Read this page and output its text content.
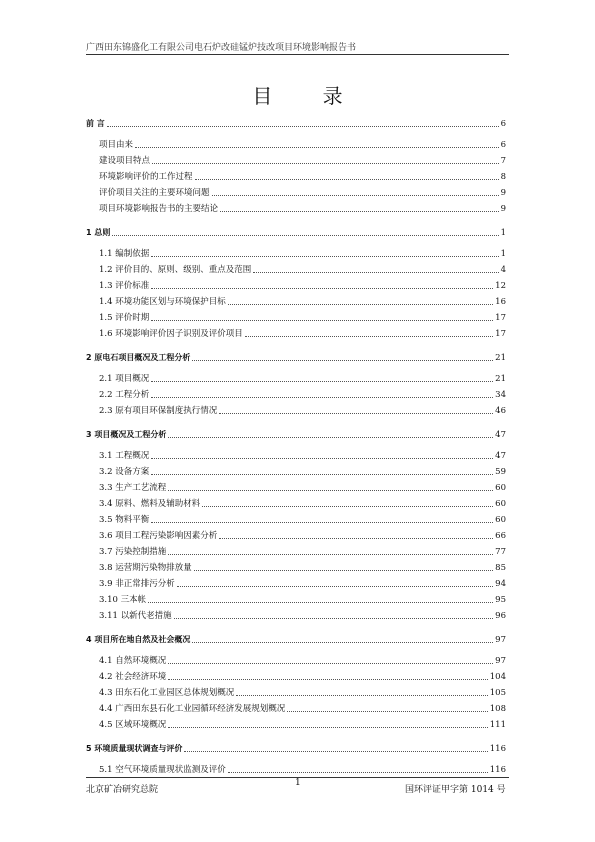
广西田东锦盛化工有限公司电石炉改硅锰炉技改项目环境影响报告书
目 录
前 言	6
项目由来	6
建设项目特点	7
环境影响评价的工作过程	8
评价项目关注的主要环境问题	9
项目环境影响报告书的主要结论	9
1 总则	1
1.1 编制依据	1
1.2 评价目的、原则、级别、重点及范围	4
1.3 评价标准	12
1.4 环境功能区划与环境保护目标	16
1.5 评价时期	17
1.6 环境影响评价因子识别及评价项目	17
2 原电石项目概况及工程分析	21
2.1 项目概况	21
2.2 工程分析	34
2.3 原有项目环保制度执行情况	46
3 项目概况及工程分析	47
3.1 工程概况	47
3.2 设备方案	59
3.3 生产工艺流程	60
3.4 原料、燃料及辅助材料	60
3.5 物料平衡	60
3.6 项目工程污染影响因素分析	66
3.7 污染控制措施	77
3.8 运营期污染物排放量	85
3.9 非正常排污分析	94
3.10 三本帐	95
3.11 以新代老措施	96
4 项目所在地自然及社会概况	97
4.1 自然环境概况	97
4.2 社会经济环境	104
4.3 田东石化工业园区总体规划概况	105
4.4 广西田东县石化工业园循环经济发展规划概况	108
4.5 区域环境概况	111
5 环境质量现状调查与评价	116
5.1 空气环境质量现状监测及评价	116
北京矿冶研究总院
1
国环评证甲字第 1014 号
